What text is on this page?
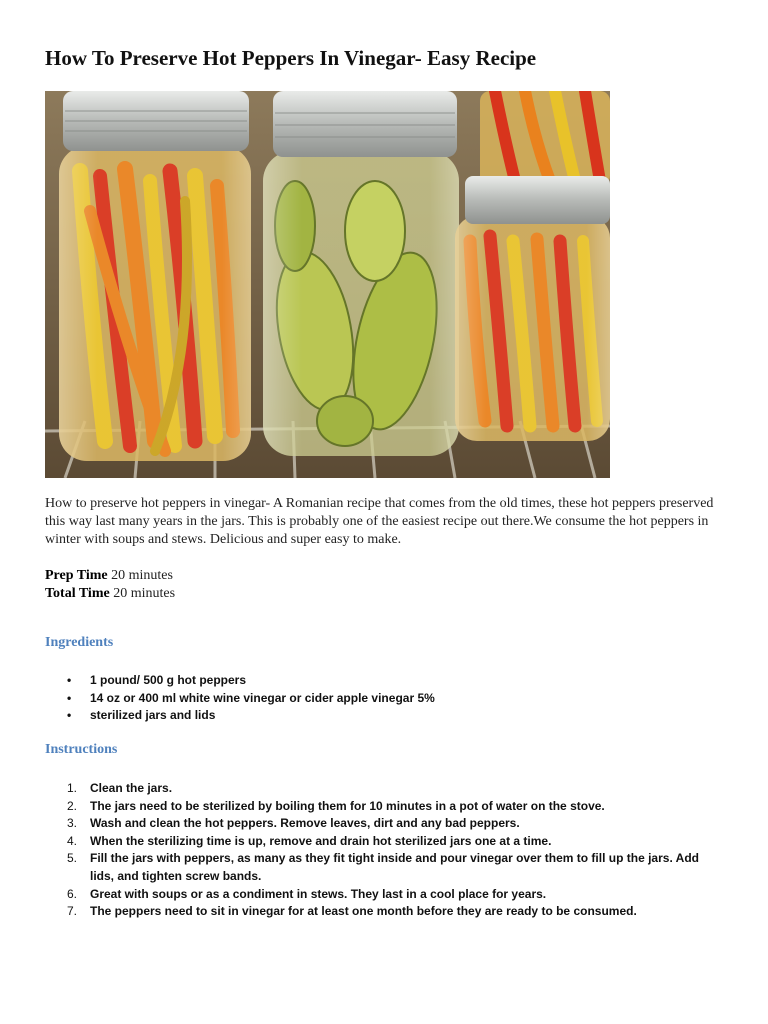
How To Preserve Hot Peppers In Vinegar- Easy Recipe

How to preserve hot peppers in vinegar- A Romanian recipe that comes from the old times, these hot peppers preserved this way last many years in the jars. This is probably one of the easiest recipe out there.We consume the hot peppers in winter with soups and stews. Delicious and super easy to make.

Prep Time 20 minutes
Total Time 20 minutes
Ingredients
• 1 pound/ 500 g hot peppers
• 14 oz or 400 ml white wine vinegar or cider apple vinegar 5%
• sterilized jars and lids
Instructions
1. Clean the jars.
2. The jars need to be sterilized by boiling them for 10 minutes in a pot of water on the stove.
3. Wash and clean the hot peppers. Remove leaves, dirt and any bad peppers.
4. When the sterilizing time is up, remove and drain hot sterilized jars one at a time.
5. Fill the jars with peppers, as many as they fit tight inside and pour vinegar over them to fill up the jars. Add lids, and tighten screw bands.
6. Great with soups or as a condiment in stews. They last in a cool place for years.
7. The peppers need to sit in vinegar for at least one month before they are ready to be consumed.
